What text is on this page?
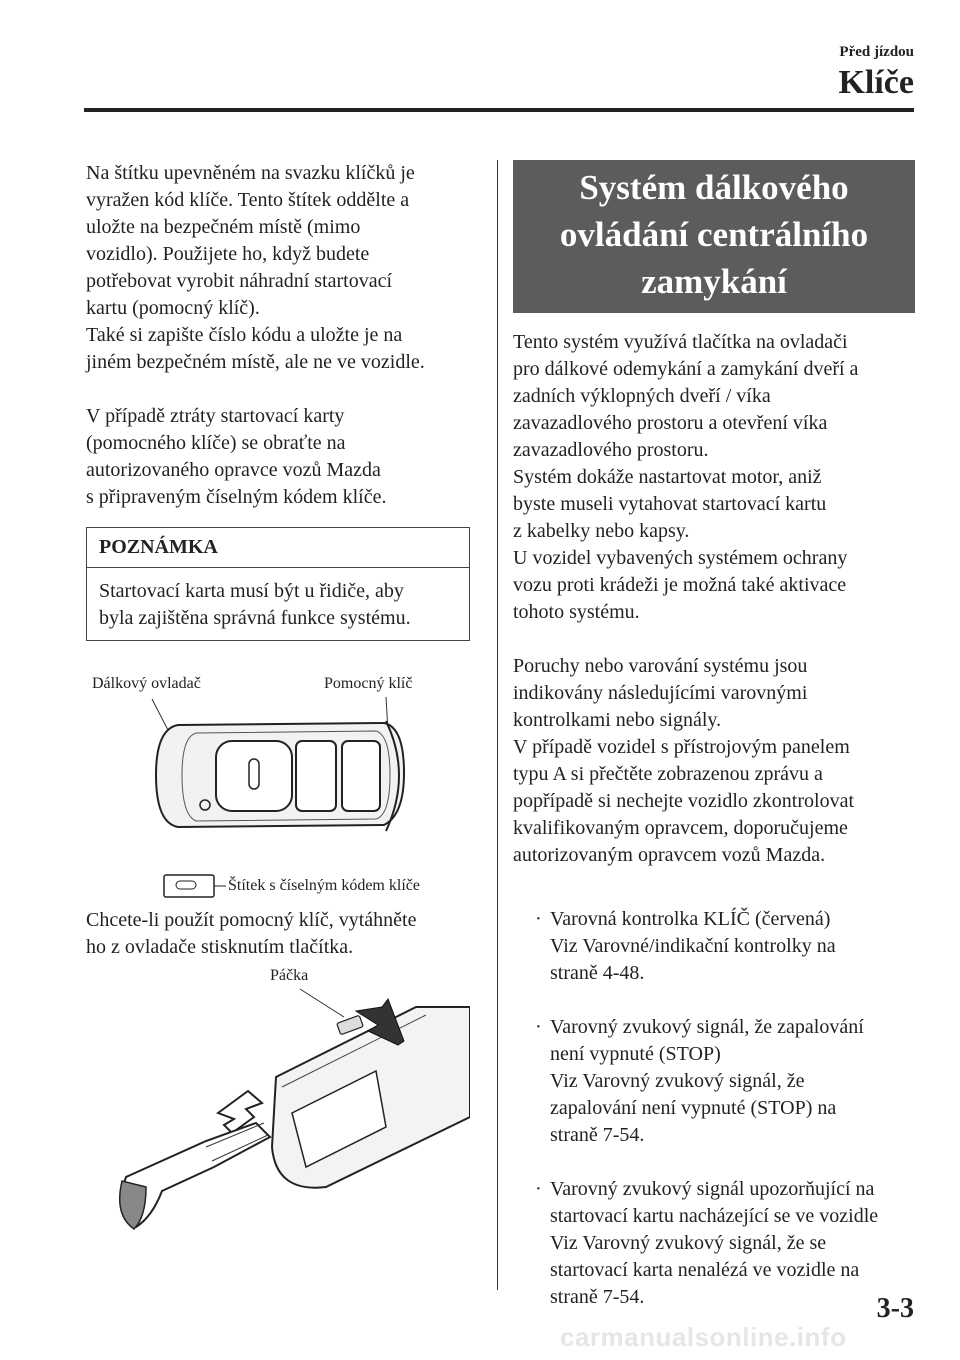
Před jízdou
Klíče

Na štítku upevněném na svazku klíčků je
vyražen kód klíče. Tento štítek oddělte a
uložte na bezpečném místě (mimo
vozidlo). Použijete ho, když budete
potřebovat vyrobit náhradní startovací
kartu (pomocný klíč).
Také si zapište číslo kódu a uložte je na
jiném bezpečném místě, ale ne ve vozidle.

V případě ztráty startovací karty
(pomocného klíče) se obraťte na
autorizovaného opravce vozů Mazda
s připraveným číselným kódem klíče.

POZNÁMKA
Startovací karta musí být u řidiče, aby
byla zajištěna správná funkce systému.
Dálkový ovladač	Pomocný klíč
Štítek s číselným kódem klíče

Chcete-li použít pomocný klíč, vytáhněte
ho z ovladače stisknutím tlačítka.

Páčka
Systém dálkového
ovládání centrálního
zamykání

Tento systém využívá tlačítka na ovladači
pro dálkové odemykání a zamykání dveří a
zadních výklopných dveří / víka
zavazadlového prostoru a otevření víka
zavazadlového prostoru.
Systém dokáže nastartovat motor, aniž
byste museli vytahovat startovací kartu
z kabelky nebo kapsy.
U vozidel vybavených systémem ochrany
vozu proti krádeži je možná také aktivace
tohoto systému.

Poruchy nebo varování systému jsou
indikovány následujícími varovnými
kontrolkami nebo signály.
V případě vozidel s přístrojovým panelem
typu A si přečtěte zobrazenou zprávu a
popřípadě si nechejte vozidlo zkontrolovat
kvalifikovaným opravcem, doporučujeme
autorizovaným opravcem vozů Mazda.

· Varovná kontrolka KLÍČ (červená)
Viz Varovné/indikační kontrolky na
straně 4-48.

· Varovný zvukový signál, že zapalování
není vypnuté (STOP)
Viz Varovný zvukový signál, že
zapalování není vypnuté (STOP) na
straně 7-54.

· Varovný zvukový signál upozorňující na
startovací kartu nacházející se ve vozidle
Viz Varovný zvukový signál, že se
startovací karta nenalézá ve vozidle na
straně 7-54.	3-3
carmanualsonline.info
